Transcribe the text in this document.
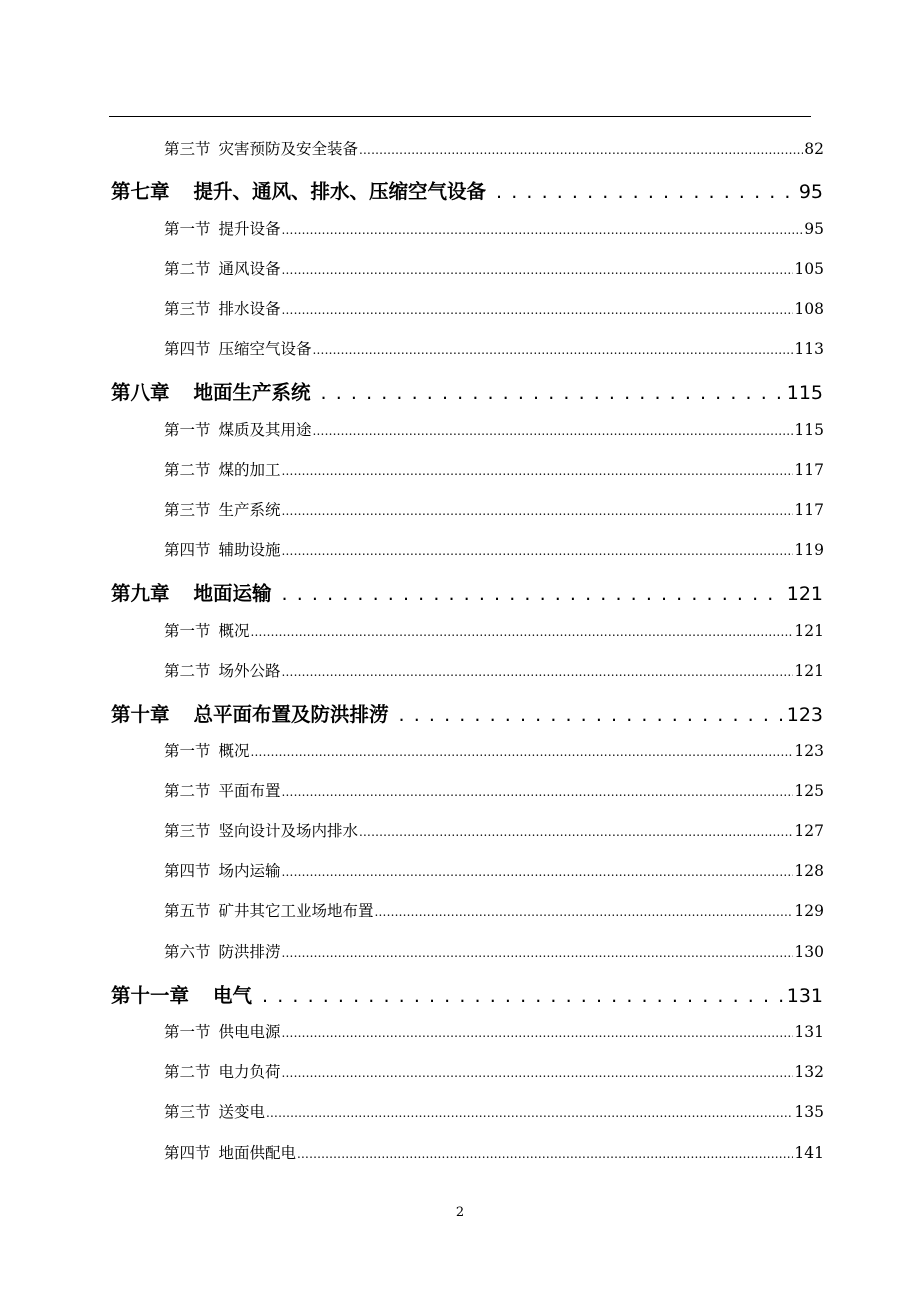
第三节 灾害预防及安全装备 .....	82
第七章 提升、通风、排水、压缩空气设备 . . .	95
第一节 提升设备 .....	95
第二节 通风设备 .....	105
第三节 排水设备 .....	108
第四节 压缩空气设备 .....	113
第八章 地面生产系统 . . .	115
第一节 煤质及其用途 .....	115
第二节 煤的加工 .....	117
第三节 生产系统 .....	117
第四节 辅助设施 .....	119
第九章 地面运输 . . .	121
第一节 概况 .....	121
第二节 场外公路 .....	121
第十章 总平面布置及防洪排涝 . . .	123
第一节 概况 .....	123
第二节 平面布置 .....	125
第三节 竖向设计及场内排水 .....	127
第四节 场内运输 .....	128
第五节 矿井其它工业场地布置 .....	129
第六节 防洪排涝 .....	130
第十一章 电气 . . .	131
第一节 供电电源 .....	131
第二节 电力负荷 .....	132
第三节 送变电 .....	135
第四节 地面供配电 .....	141
2
